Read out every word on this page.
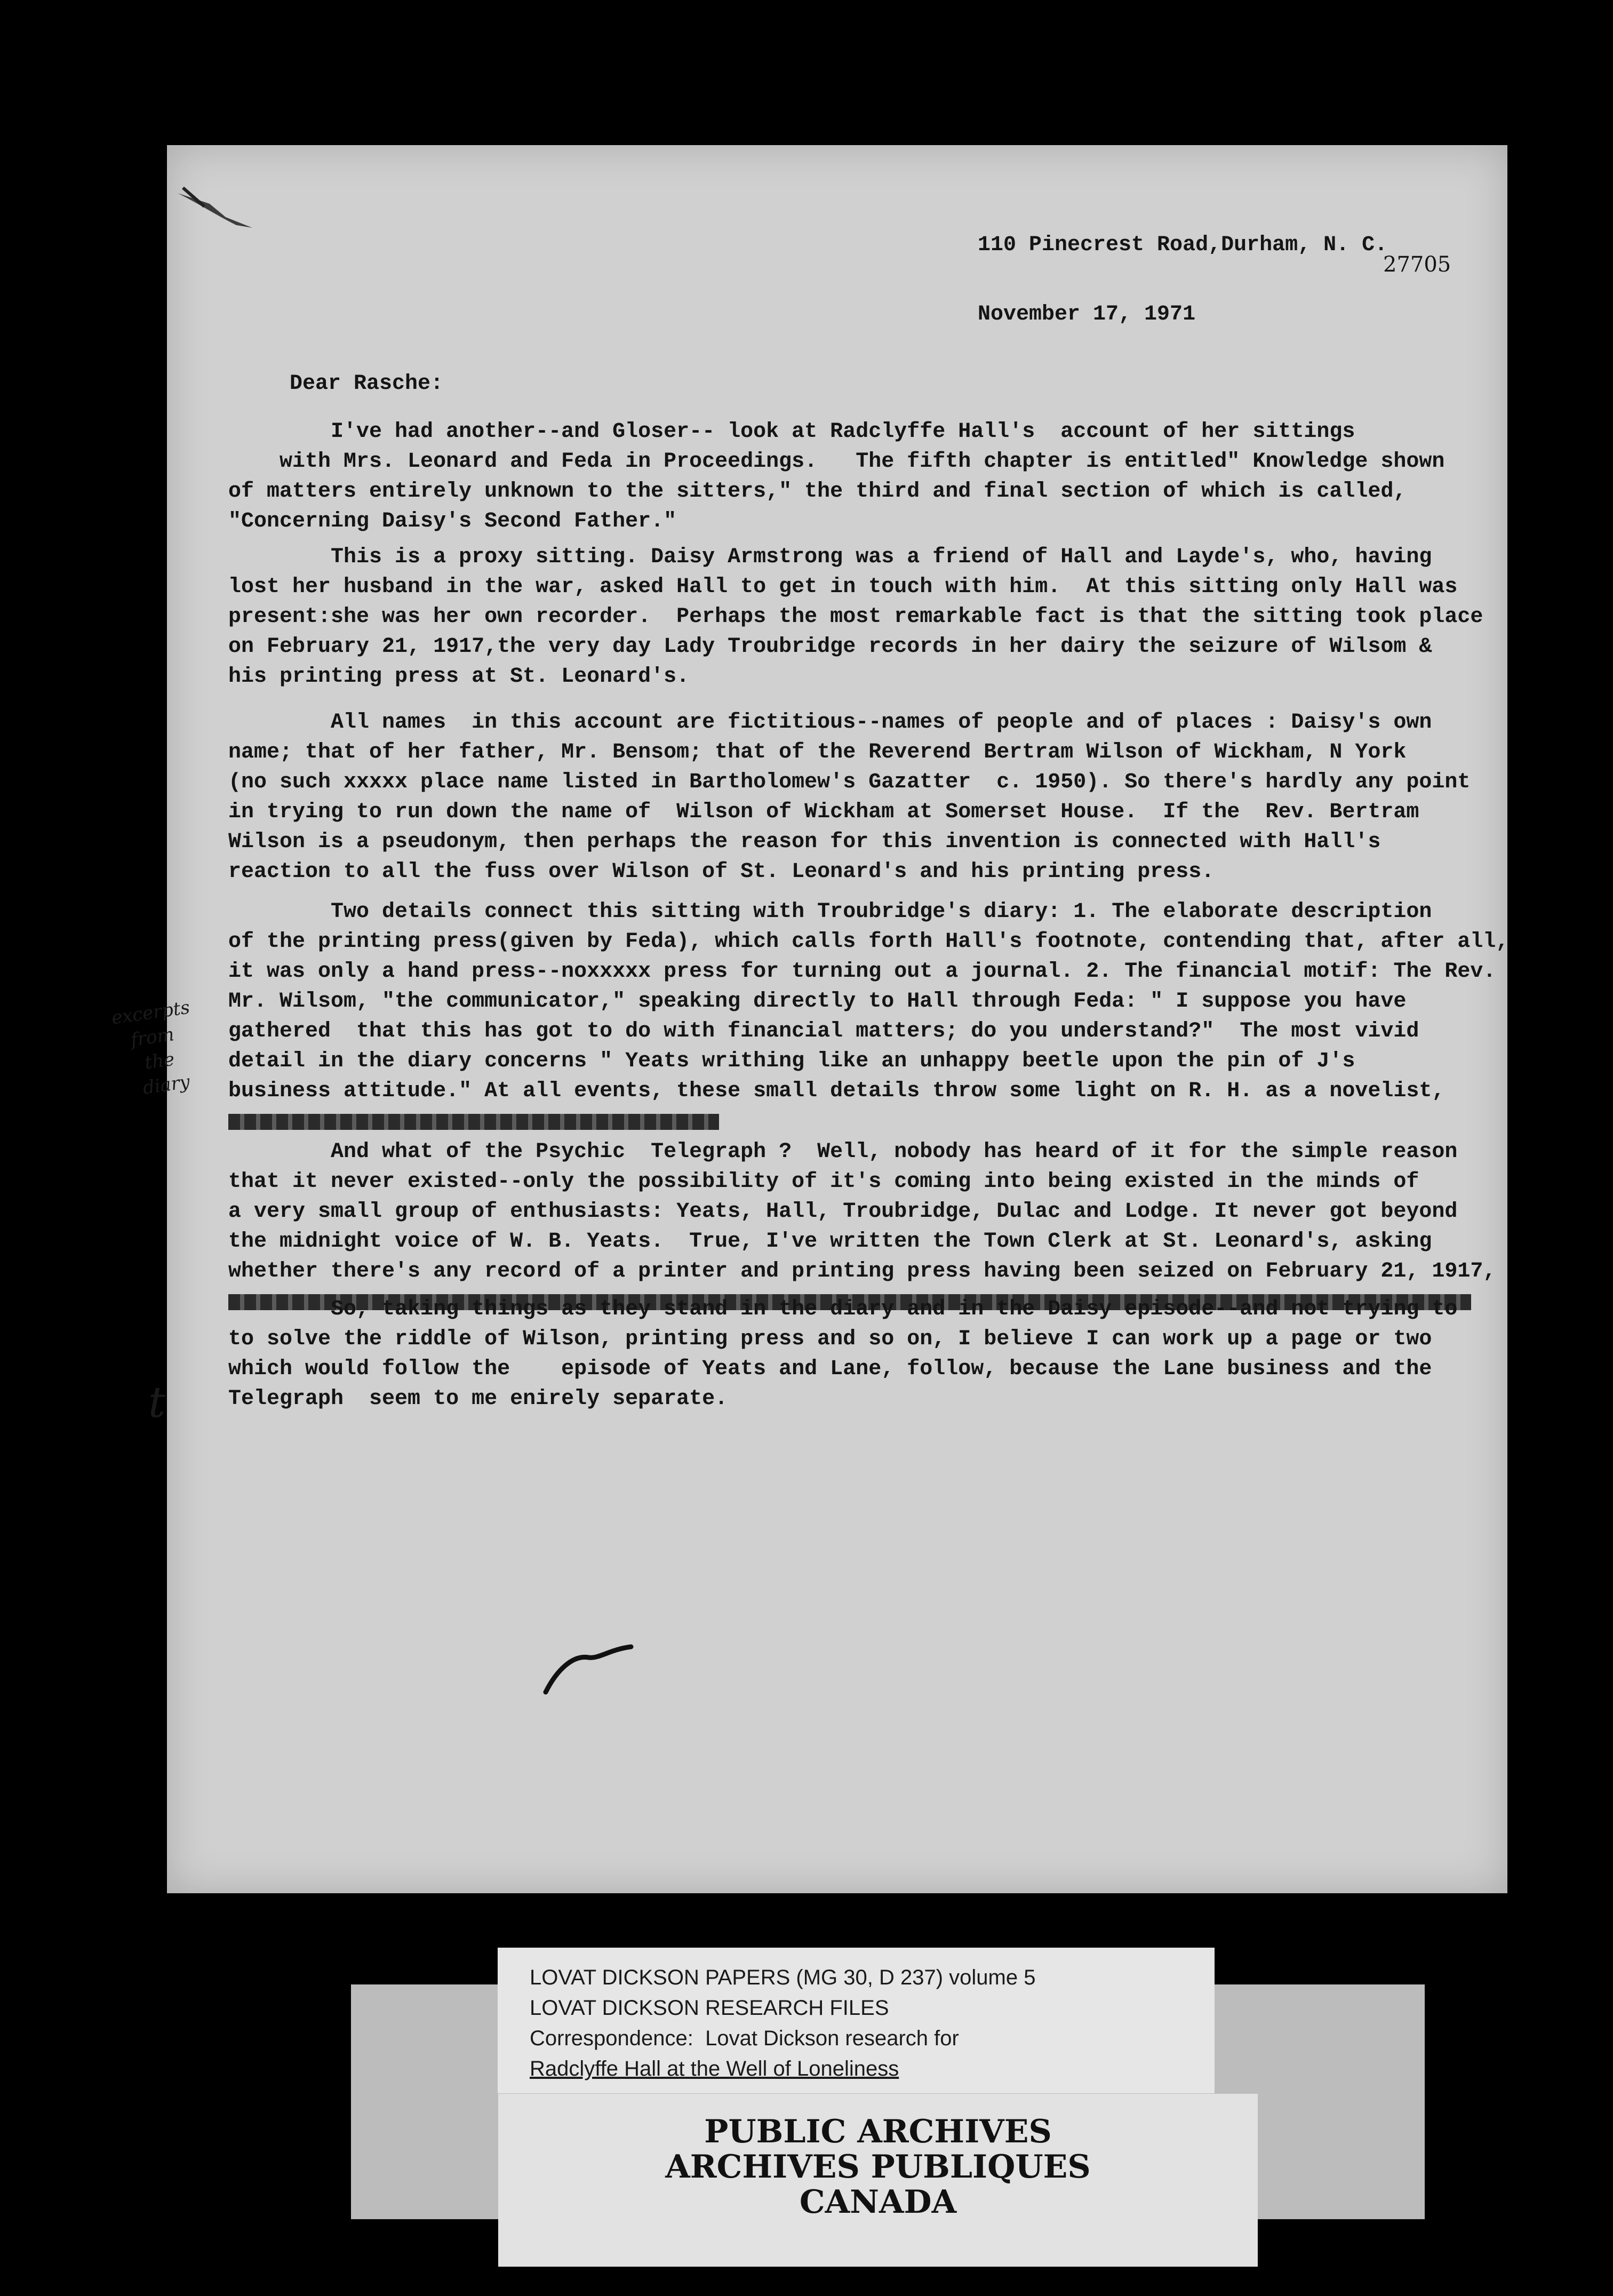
110 Pinecrest Road,Durham, N. C.
27705
November 17, 1971
Dear Rasche:
I've had another--and Gloser-- look at Radclyffe Hall's  account of her sittings
with Mrs. Leonard and Feda in Proceedings.   The fifth chapter is entitled" Knowledge shown
of matters entirely unknown to the sitters," the third and final section of which is called,
"Concerning Daisy's Second Father."
This is a proxy sitting. Daisy Armstrong was a friend of Hall and Layde's, who, having
lost her husband in the war, asked Hall to get in touch with him.  At this sitting only Hall was
present:she was her own recorder.  Perhaps the most remarkable fact is that the sitting took place
on February 21, 1917,the very day Lady Troubridge records in her dairy the seizure of Wilsom &
his printing press at St. Leonard's.
All names  in this account are fictitious--names of people and of places : Daisy's own
name; that of her father, Mr. Bensom; that of the Reverend Bertram Wilson of Wickham, N York
(no such xxxxx place name listed in Bartholomew's Gazatter  c. 1950). So there's hardly any point
in trying to run down the name of  Wilson of Wickham at Somerset House.  If the  Rev. Bertram
Wilson is a pseudonym, then perhaps the reason for this invention is connected with Hall's
reaction to all the fuss over Wilson of St. Leonard's and his printing press.
Two details connect this sitting with Troubridge's diary: 1. The elaborate description
of the printing press(given by Feda), which calls forth Hall's footnote, contending that, after all,
it was only a hand press--noxxxxx press for turning out a journal. 2. The financial motif: The Rev.
Mr. Wilsom, "the communicator," speaking directly to Hall through Feda: " I suppose you have
gathered  that this has got to do with financial matters; do you understand?"  The most vivid
detail in the diary concerns " Yeats writhing like an unhappy beetle upon the pin of J's
business attitude." At all events, these small details throw some light on R. H. as a novelist,
And what of the Psychic  Telegraph ?  Well, nobody has heard of it for the simple reason
that it never existed--only the possibility of it's coming into being existed in the minds of
a very small group of enthusiasts: Yeats, Hall, Troubridge, Dulac and Lodge. It never got beyond
the midnight voice of W. B. Yeats.  True, I've written the Town Clerk at St. Leonard's, asking
whether there's any record of a printer and printing press having been seized on February 21, 1917,
So, taking things as they stand in the diary and in the Daisy episode--and not trying to
to solve the riddle of Wilson, printing press and so on, I believe I can work up a page or two
which would follow the    episode of Yeats and Lane, follow, because the Lane business and the
Telegraph  seem to me enirely separate.
excerpts
from
the
diary
t
LOVAT DICKSON PAPERS (MG 30, D 237) volume 5
LOVAT DICKSON RESEARCH FILES
Correspondence:  Lovat Dickson research for
Radclyffe Hall at the Well of Loneliness
PUBLIC ARCHIVES
ARCHIVES PUBLIQUES
CANADA
